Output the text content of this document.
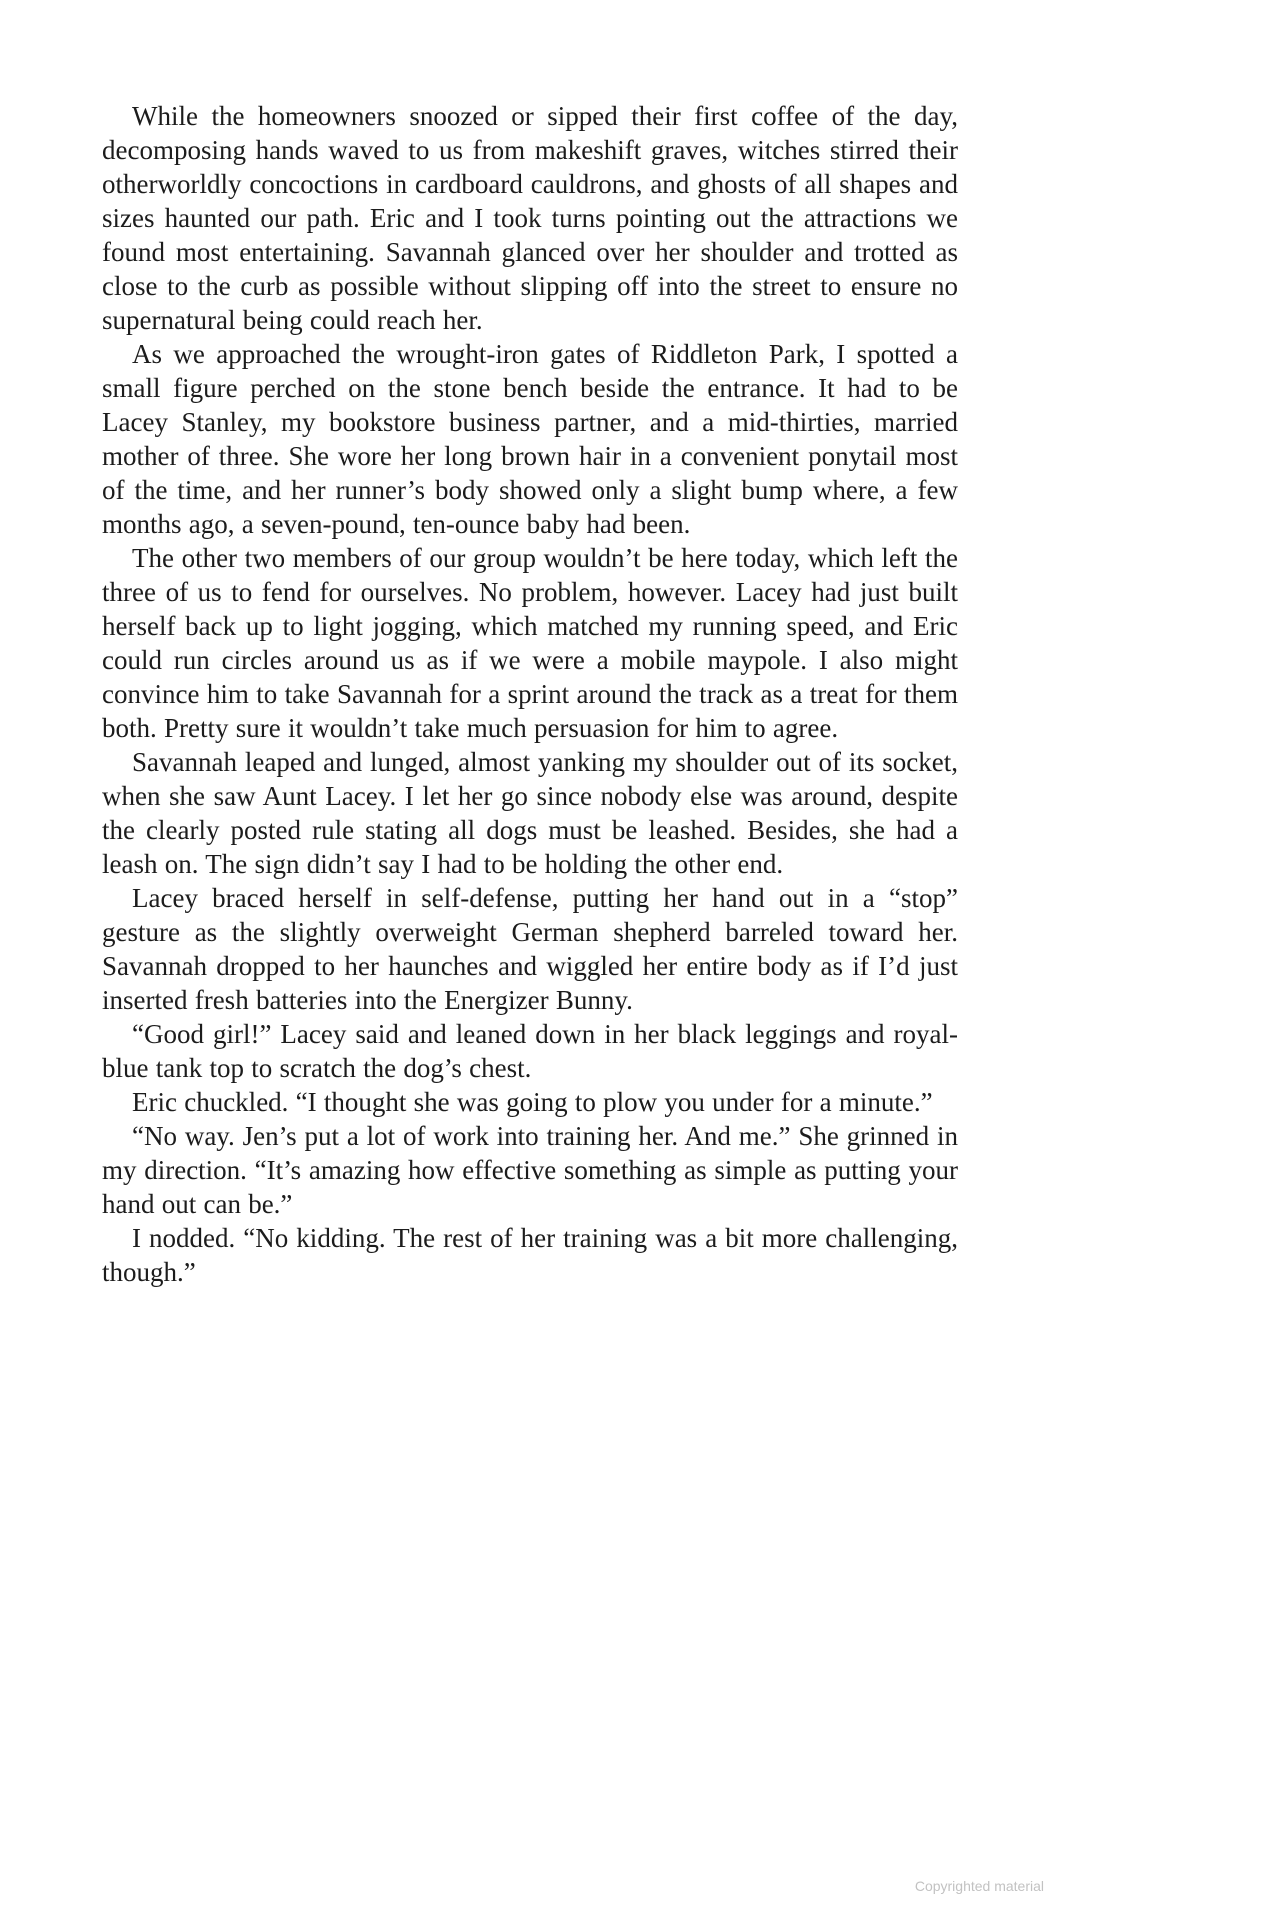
While the homeowners snoozed or sipped their first coffee of the day, decomposing hands waved to us from makeshift graves, witches stirred their otherworldly concoctions in cardboard cauldrons, and ghosts of all shapes and sizes haunted our path. Eric and I took turns pointing out the attractions we found most entertaining. Savannah glanced over her shoulder and trotted as close to the curb as possible without slipping off into the street to ensure no supernatural being could reach her.

As we approached the wrought-iron gates of Riddleton Park, I spotted a small figure perched on the stone bench beside the entrance. It had to be Lacey Stanley, my bookstore business partner, and a mid-thirties, married mother of three. She wore her long brown hair in a convenient ponytail most of the time, and her runner’s body showed only a slight bump where, a few months ago, a seven-pound, ten-ounce baby had been.

The other two members of our group wouldn’t be here today, which left the three of us to fend for ourselves. No problem, however. Lacey had just built herself back up to light jogging, which matched my running speed, and Eric could run circles around us as if we were a mobile maypole. I also might convince him to take Savannah for a sprint around the track as a treat for them both. Pretty sure it wouldn’t take much persuasion for him to agree.

Savannah leaped and lunged, almost yanking my shoulder out of its socket, when she saw Aunt Lacey. I let her go since nobody else was around, despite the clearly posted rule stating all dogs must be leashed. Besides, she had a leash on. The sign didn’t say I had to be holding the other end.

Lacey braced herself in self-defense, putting her hand out in a “stop” gesture as the slightly overweight German shepherd barreled toward her. Savannah dropped to her haunches and wiggled her entire body as if I’d just inserted fresh batteries into the Energizer Bunny.

“Good girl!” Lacey said and leaned down in her black leggings and royal-blue tank top to scratch the dog’s chest.

Eric chuckled. “I thought she was going to plow you under for a minute.”

“No way. Jen’s put a lot of work into training her. And me.” She grinned in my direction. “It’s amazing how effective something as simple as putting your hand out can be.”

I nodded. “No kidding. The rest of her training was a bit more challenging, though.”

Copyrighted material
